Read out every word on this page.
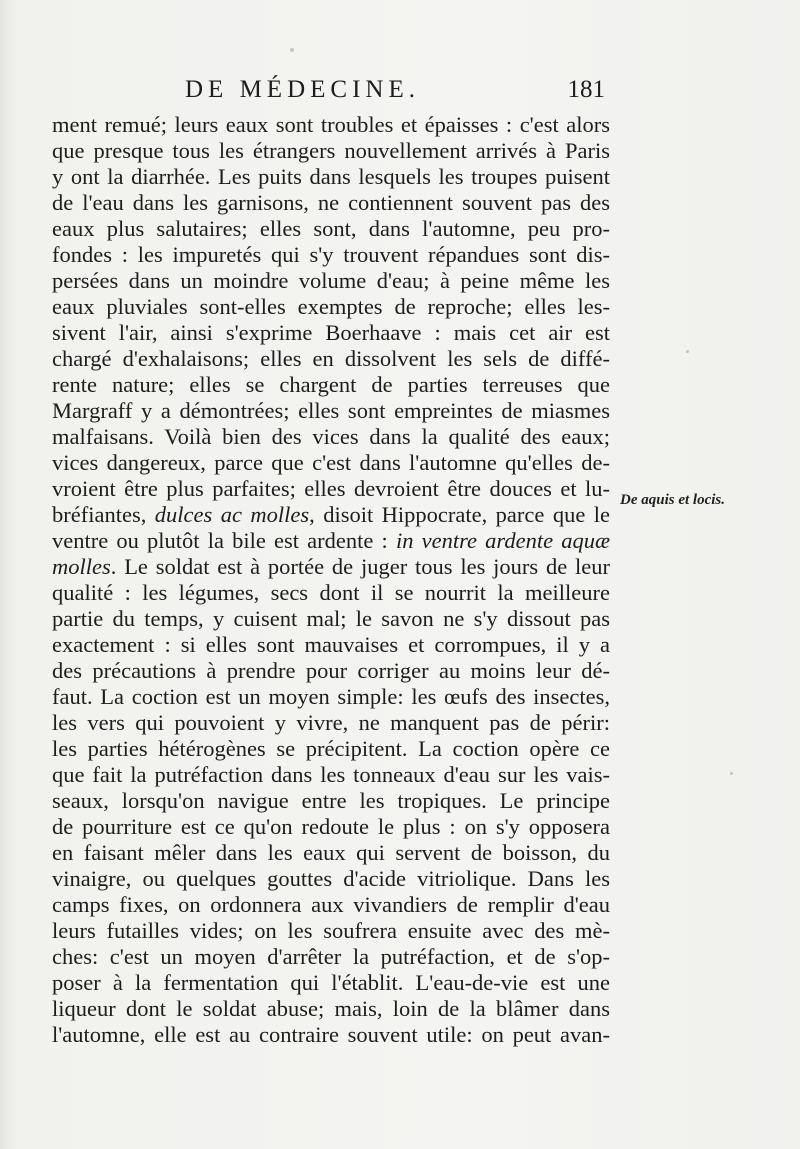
DE MÉDECINE.	181
ment remué; leurs eaux sont troubles et épaisses : c'est alors
que presque tous les étrangers nouvellement arrivés à Paris
y ont la diarrhée. Les puits dans lesquels les troupes puisent
de l'eau dans les garnisons, ne contiennent souvent pas des
eaux plus salutaires; elles sont, dans l'automne, peu pro-
fondes : les impuretés qui s'y trouvent répandues sont dis-
persées dans un moindre volume d'eau; à peine même les
eaux pluviales sont-elles exemptes de reproche; elles les-
sivent l'air, ainsi s'exprime Boerhaave : mais cet air est
chargé d'exhalaisons; elles en dissolvent les sels de diffé-
rente nature; elles se chargent de parties terreuses que
Margraff y a démontrées; elles sont empreintes de miasmes
malfaisans. Voilà bien des vices dans la qualité des eaux;
vices dangereux, parce que c'est dans l'automne qu'elles de-
vroient être plus parfaites; elles devroient être douces et lu-
bréfiantes, dulces ac molles, disoit Hippocrate, parce que le
ventre ou plutôt la bile est ardente : in ventre ardente aquæ
molles. Le soldat est à portée de juger tous les jours de leur
qualité : les légumes, secs dont il se nourrit la meilleure
partie du temps, y cuisent mal; le savon ne s'y dissout pas
exactement : si elles sont mauvaises et corrompues, il y a
des précautions à prendre pour corriger au moins leur dé-
faut. La coction est un moyen simple: les œufs des insectes,
les vers qui pouvoient y vivre, ne manquent pas de périr:
les parties hétérogènes se précipitent. La coction opère ce
que fait la putréfaction dans les tonneaux d'eau sur les vais-
seaux, lorsqu'on navigue entre les tropiques. Le principe
de pourriture est ce qu'on redoute le plus : on s'y opposera
en faisant mêler dans les eaux qui servent de boisson, du
vinaigre, ou quelques gouttes d'acide vitriolique. Dans les
camps fixes, on ordonnera aux vivandiers de remplir d'eau
leurs futailles vides; on les soufrera ensuite avec des mè-
ches: c'est un moyen d'arrêter la putréfaction, et de s'op-
poser à la fermentation qui l'établit. L'eau-de-vie est une
liqueur dont le soldat abuse; mais, loin de la blâmer dans
l'automne, elle est au contraire souvent utile: on peut avan-
De aquis et locis.
